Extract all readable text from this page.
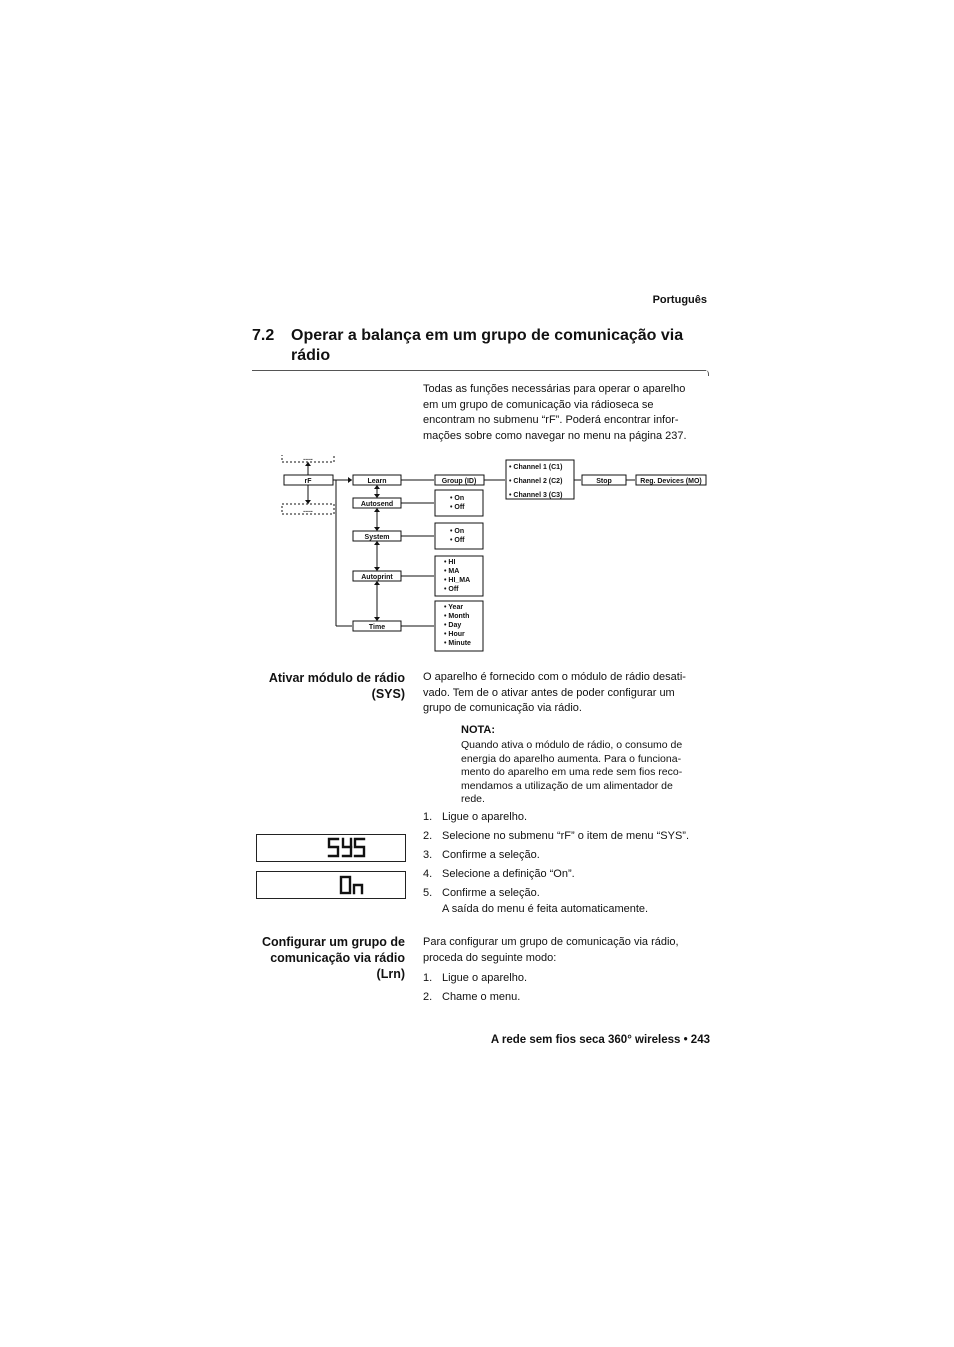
Português
7.2 Operar a balança em um grupo de comunicação via rádio
Todas as funções necessárias para operar o aparelho
em um grupo de comunicação via rádioseca se
encontram no submenu “rF”. Poderá encontrar infor-
mações sobre como navegar no menu na página 237.
.....
rF
.....
Learn
Autosend
System
Autoprint
Time
Group (ID)
• Channel 1 (C1)
• Channel 2 (C2)
• Channel 3 (C3)
Stop	Reg. Devices (MO)
• On
• Off
• On
• Off
• HI
• MA
• HI_MA
• Off
• Year
• Month
• Day
• Hour
• Minute
Ativar módulo de rádio
(SYS)
O aparelho é fornecido com o módulo de rádio desati-
vado. Tem de o ativar antes de poder configurar um
grupo de comunicação via rádio.
NOTA:
Quando ativa o módulo de rádio, o consumo de
energia do aparelho aumenta. Para o funciona-
mento do aparelho em uma rede sem fios reco-
mendamos a utilização de um alimentador de
rede.
1. Ligue o aparelho.
2. Selecione no submenu “rF” o item de menu “SYS”.
3. Confirme a seleção.
4. Selecione a definição “On”.
5. Confirme a seleção.
A saída do menu é feita automaticamente.
Configurar um grupo de
comunicação via rádio
(Lrn)
Para configurar um grupo de comunicação via rádio,
proceda do seguinte modo:
1. Ligue o aparelho.
2. Chame o menu.
A rede sem fios seca 360° wireless • 243
